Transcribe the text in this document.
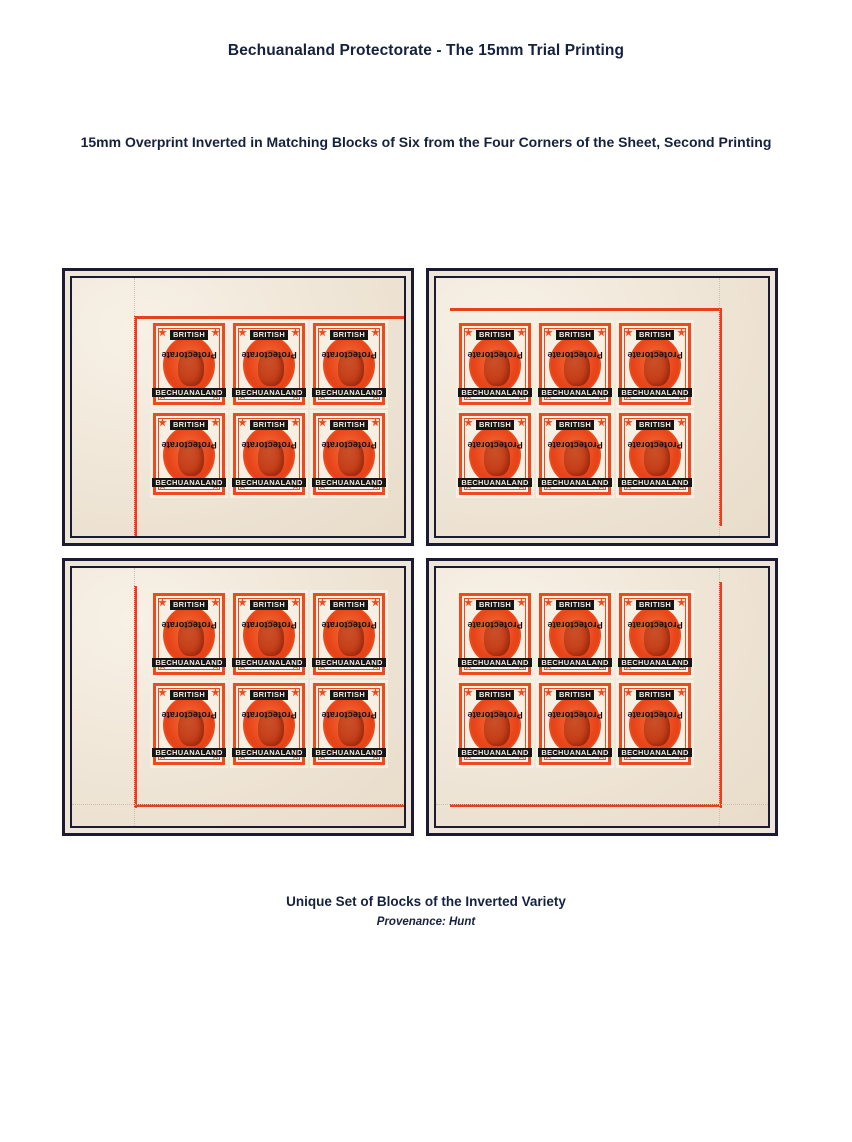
Bechuanaland Protectorate - The 15mm Trial Printing
15mm Overprint Inverted in Matching Blocks of Six from the Four Corners of the Sheet, Second Printing
BRITISH
Protectorate
BECHUANALAND
BRITISH
Protectorate
BECHUANALAND
BRITISH
Protectorate
BECHUANALAND
BRITISH
Protectorate
BECHUANALAND
BRITISH
Protectorate
BECHUANALAND
BRITISH
Protectorate
BECHUANALAND
BRITISH
Protectorate
BECHUANALAND
BRITISH
Protectorate
BECHUANALAND
BRITISH
Protectorate
BECHUANALAND
BRITISH
Protectorate
BECHUANALAND
BRITISH
Protectorate
BECHUANALAND
BRITISH
Protectorate
BECHUANALAND
BRITISH
Protectorate
BECHUANALAND
BRITISH
Protectorate
BECHUANALAND
BRITISH
Protectorate
BECHUANALAND
BRITISH
Protectorate
BECHUANALAND
BRITISH
Protectorate
BECHUANALAND
BRITISH
Protectorate
BECHUANALAND
BRITISH
Protectorate
BECHUANALAND
BRITISH
Protectorate
BECHUANALAND
BRITISH
Protectorate
BECHUANALAND
BRITISH
Protectorate
BECHUANALAND
BRITISH
Protectorate
BECHUANALAND
BRITISH
Protectorate
BECHUANALAND
Unique Set of Blocks of the Inverted Variety
Provenance: Hunt
